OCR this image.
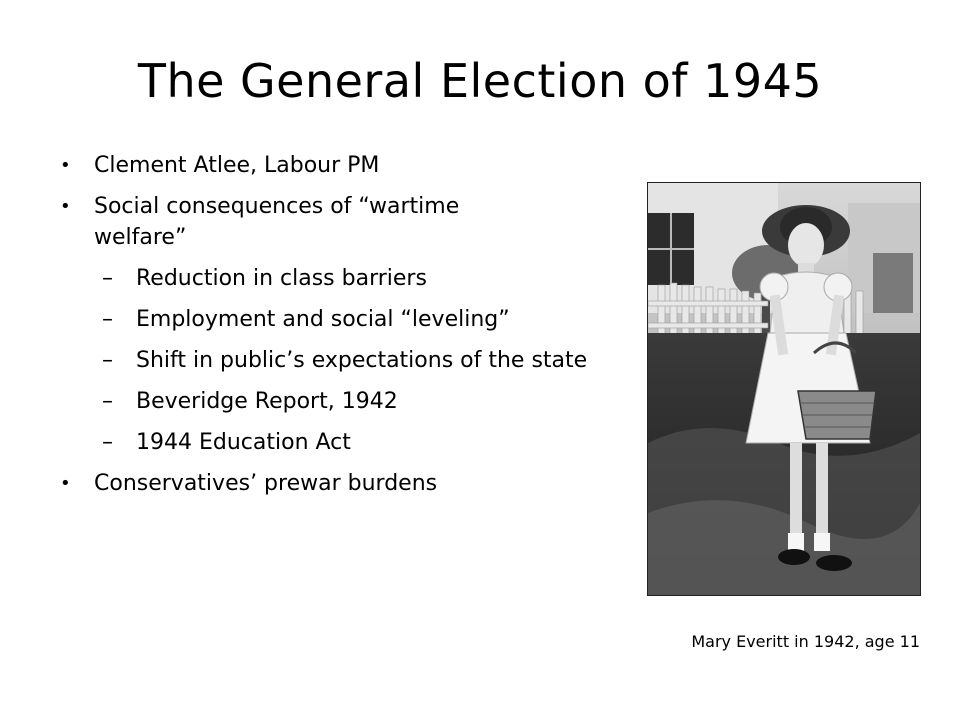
The General Election of 1945
• Clement Atlee, Labour PM
• Social consequences of “wartime welfare”
– Reduction in class barriers
– Employment and social “leveling”
– Shift in public’s expectations of the state
– Beveridge Report, 1942
– 1944 Education Act
• Conservatives’ prewar burdens
Mary Everitt in 1942, age 11
